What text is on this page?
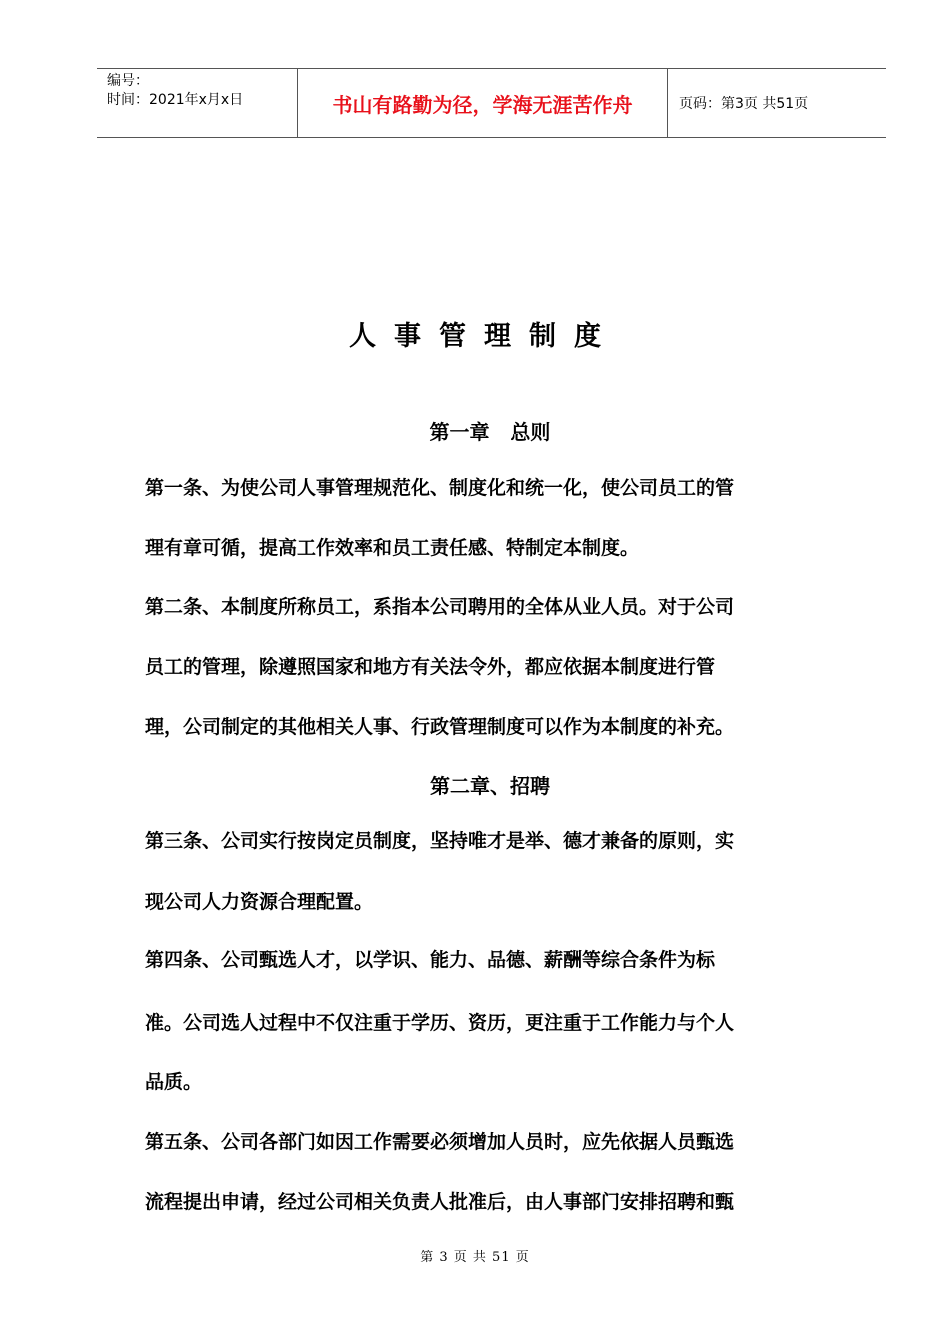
编号：
时间：2021年x月x日	书山有路勤为径，学海无涯苦作舟	页码：第3页 共51页
人事管理制度
第一章   总则
第一条、为使公司人事管理规范化、制度化和统一化，使公司员工的管
理有章可循，提高工作效率和员工责任感、特制定本制度。
第二条、本制度所称员工，系指本公司聘用的全体从业人员。对于公司
员工的管理，除遵照国家和地方有关法令外，都应依据本制度进行管
理，公司制定的其他相关人事、行政管理制度可以作为本制度的补充。
第二章、招聘
第三条、公司实行按岗定员制度，坚持唯才是举、德才兼备的原则，实
现公司人力资源合理配置。
第四条、公司甄选人才，以学识、能力、品德、薪酬等综合条件为标
准。公司选人过程中不仅注重于学历、资历，更注重于工作能力与个人
品质。
第五条、公司各部门如因工作需要必须增加人员时，应先依据人员甄选
流程提出申请，经过公司相关负责人批准后，由人事部门安排招聘和甄
第 3 页 共 51 页
